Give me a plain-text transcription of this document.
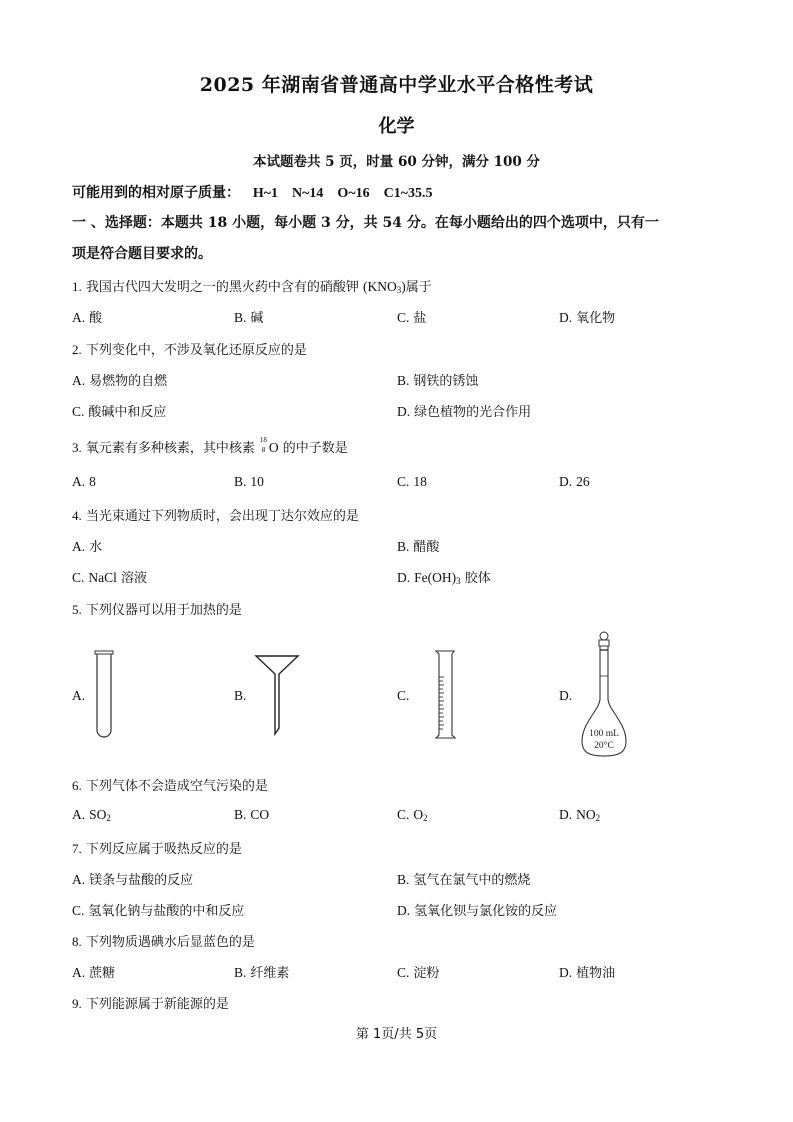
2025 年湖南省普通高中学业水平合格性考试
化学
本试题卷共 5 页，时量 60 分钟，满分 100 分
可能用到的相对原子质量： H~1　N~14　O~16　C1~35.5
一 、选择题：本题共 18 小题，每小题 3 分，共 54 分。在每小题给出的四个选项中，只有一
项是符合题目要求的。
1. 我国古代四大发明之一的黑火药中含有的硝酸钾 $(KNO_3)$属于
A. 酸	B. 碱	C. 盐	D. 氧化物
2. 下列变化中，不涉及氧化还原反应的是
A. 易燃物的自燃	B. 钢铁的锈蚀
C. 酸碱中和反应	D. 绿色植物的光合作用
3. 氧元素有多种核素，其中核素
18
8 O 的中子数是
A. 8	B. 10	C. 18	D. 26
4. 当光束通过下列物质时，会出现丁达尔效应的是
A. 水	B. 醋酸
C. NaCl 溶液	D. $Fe(OH)_3$ 胶体
5. 下列仪器可以用于加热的是
A.	B.	C.	D.
100 mL
20°C
6. 下列气体不会造成空气污染的是
A. $SO_2$	B. CO	C. $O_2$	D. $NO_2$
7. 下列反应属于吸热反应的是
A. 镁条与盐酸的反应	B. 氢气在氯气中的燃烧
C. 氢氧化钠与盐酸的中和反应	D. 氢氧化钡与氯化铵的反应
8. 下列物质遇碘水后显蓝色的是
A. 蔗糖	B. 纤维素	C. 淀粉	D. 植物油
9. 下列能源属于新能源的是
第 1页/共 5页
